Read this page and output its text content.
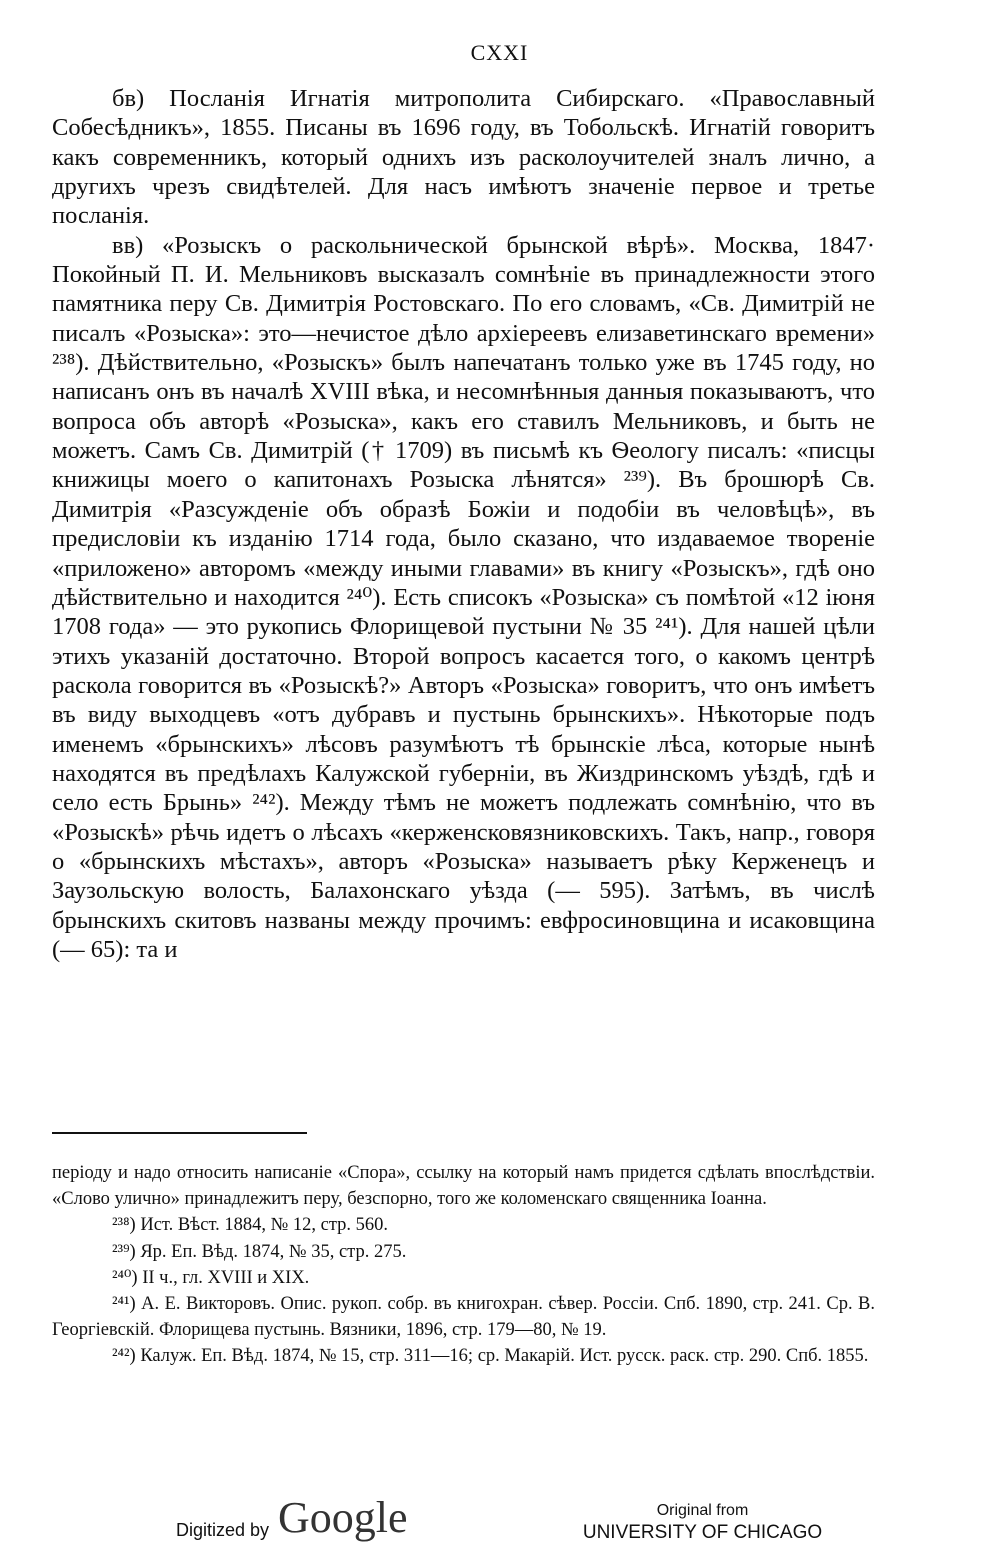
CXXI

бв) Посланія Игнатія митрополита Сибирскаго. «Православный Собесѣдникъ», 1855. Писаны въ 1696 году, въ Тобольскѣ. Игнатій говоритъ какъ современникъ, который однихъ изъ расколоучителей зналъ лично, а другихъ чрезъ свидѣтелей. Для насъ имѣютъ значеніе первое и третье посланія.

вв) «Розыскъ о раскольнической брынской вѣрѣ». Москва, 1847· Покойный П. И. Мельниковъ высказалъ сомнѣніе въ принадлежности этого памятника перу Св. Димитрія Ростовскаго. По его словамъ, «Св. Димитрій не писалъ «Розыска»: это—нечистое дѣло архіереевъ елизаветинскаго времени» ²³⁸). Дѣйствительно, «Розыскъ» былъ напечатанъ только уже въ 1745 году, но написанъ онъ въ началѣ XVIII вѣка, и несомнѣнныя данныя показываютъ, что вопроса объ авторѣ «Розыска», какъ его ставилъ Мельниковъ, и быть не можетъ. Самъ Св. Димитрій († 1709) въ письмѣ къ Ѳеологу писалъ: «писцы книжицы моего о капитонахъ Розыска лѣнятся» ²³⁹). Въ брошюрѣ Св. Димитрія «Разсужденіе объ образѣ Божіи и подобіи въ человѣцѣ», въ предисловіи къ изданію 1714 года, было сказано, что издаваемое твореніе «приложено» авторомъ «между иными главами» въ книгу «Розыскъ», гдѣ оно дѣйствительно и находится ²⁴⁰). Есть списокъ «Розыска» съ помѣтой «12 іюня 1708 года» — это рукопись Флорищевой пустыни № 35 ²⁴¹). Для нашей цѣли этихъ указаній достаточно. Второй вопросъ касается того, о какомъ центрѣ раскола говорится въ «Розыскѣ?» Авторъ «Розыска» говоритъ, что онъ имѣетъ въ виду выходцевъ «отъ дубравъ и пустынь брынскихъ». Нѣкоторые подъ именемъ «брынскихъ» лѣсовъ разумѣютъ тѣ брынскіе лѣса, которые нынѣ находятся въ предѣлахъ Калужской губерніи, въ Жиздринскомъ уѣздѣ, гдѣ и село есть Брынь» ²⁴²). Между тѣмъ не можетъ подлежать сомнѣнію, что въ «Розыскѣ» рѣчь идетъ о лѣсахъ «керженсковязниковскихъ. Такъ, напр., говоря о «брынскихъ мѣстахъ», авторъ «Розыска» называетъ рѣку Керженецъ и Заузольскую волость, Балахонскаго уѣзда (— 595). Затѣмъ, въ числѣ брынскихъ скитовъ названы между прочимъ: евфросиновщина и исаковщина (— 65): та и

періоду и надо относить написаніе «Спора», ссылку на который намъ придется сдѣлать впослѣдствіи. «Слово улично» принадлежитъ перу, безспорно, того же коломенскаго священника Іоанна.

²³⁸) Ист. Вѣст. 1884, № 12, стр. 560.

²³⁹) Яр. Еп. Вѣд. 1874, № 35, стр. 275.

²⁴⁰) II ч., гл. XVIII и XIX.

²⁴¹) А. Е. Викторовъ. Опис. рукоп. собр. въ книгохран. сѣвер. Россіи. Спб. 1890, стр. 241. Ср. В. Георгіевскій. Флорищева пустынь. Вязники, 1896, стр. 179—80, № 19.

²⁴²) Калуж. Еп. Вѣд. 1874, № 15, стр. 311—16; ср. Макарій. Ист. русск. раск. стр. 290. Спб. 1855.

Digitized by Google	Original from
UNIVERSITY OF CHICAGO
